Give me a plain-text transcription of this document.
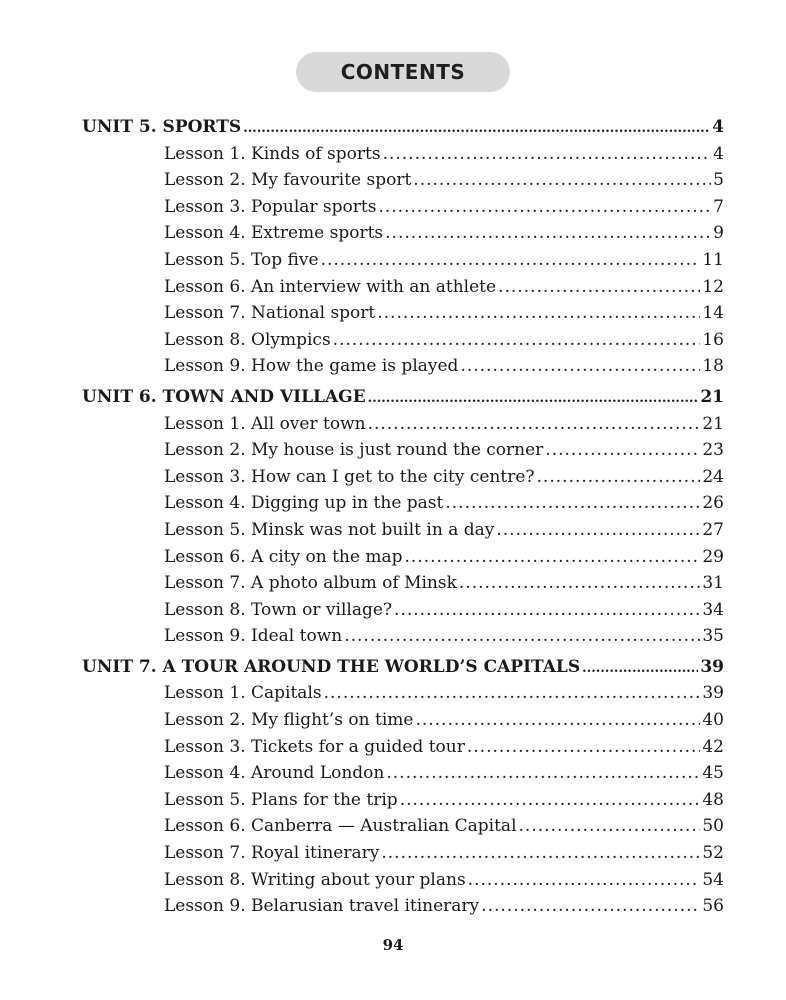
CONTENTS
UNIT 5. SPORTS .....	4
Lesson 1. Kinds of sports .....	4
Lesson 2. My favourite sport .....	5
Lesson 3. Popular sports .....	7
Lesson 4. Extreme sports .....	9
Lesson 5. Top five .....	11
Lesson 6. An interview with an athlete .....	12
Lesson 7. National sport .....	14
Lesson 8. Olympics .....	16
Lesson 9. How the game is played .....	18
UNIT 6. TOWN AND VILLAGE .....	21
Lesson 1. All over town .....	21
Lesson 2. My house is just round the corner .....	23
Lesson 3. How can I get to the city centre? .....	24
Lesson 4. Digging up in the past .....	26
Lesson 5. Minsk was not built in a day .....	27
Lesson 6. A city on the map .....	29
Lesson 7. A photo album of Minsk .....	31
Lesson 8. Town or village? .....	34
Lesson 9. Ideal town .....	35
UNIT 7. A TOUR AROUND THE WORLD’S CAPITALS .....	39
Lesson 1. Capitals .....	39
Lesson 2. My flight’s on time .....	40
Lesson 3. Tickets for a guided tour .....	42
Lesson 4. Around London .....	45
Lesson 5. Plans for the trip .....	48
Lesson 6. Canberra — Australian Capital .....	50
Lesson 7. Royal itinerary .....	52
Lesson 8. Writing about your plans .....	54
Lesson 9. Belarusian travel itinerary .....	56
94
